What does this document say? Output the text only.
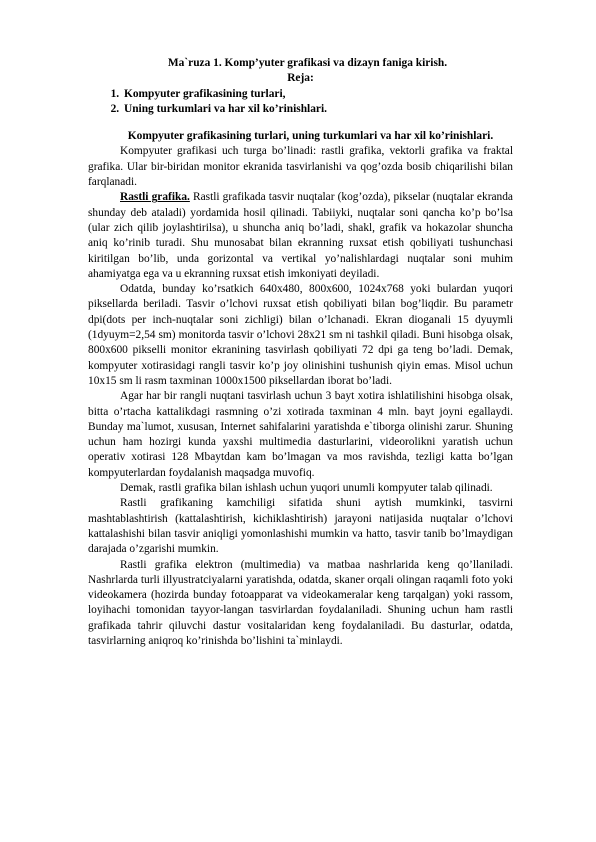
Ma`ruza 1. Komp’yuter grafikasi va dizayn faniga kirish.
Reja:
1. Kompyuter grafikasining turlari,
2. Uning turkumlari va har xil ko’rinishlari.
Kompyuter grafikasining turlari, uning turkumlari va har xil ko’rinishlari.

Kompyuter grafikasi uch turga bo’linadi: rastli grafika, vektorli grafika va fraktal grafika. Ular bir-biridan monitor ekranida tasvirlanishi va qog’ozda bosib chiqarilishi bilan farqlanadi.

Rastli grafika. Rastli grafikada tasvir nuqtalar (kog’ozda), pikselar (nuqtalar ekranda shunday deb ataladi) yordamida hosil qilinadi. Tabiiyki, nuqtalar soni qancha ko’p bo’lsa (ular zich qilib joylashtirilsa), u shuncha aniq bo’ladi, shakl, grafik va hokazolar shuncha aniq ko’rinib turadi. Shu munosabat bilan ekranning ruxsat etish qobiliyati tushunchasi kiritilgan bo’lib, unda gorizontal va vertikal yo’nalishlardagi nuqtalar soni muhim ahamiyatga ega va u ekranning ruxsat etish imkoniyati deyiladi.

Odatda, bunday ko’rsatkich 640x480, 800x600, 1024x768 yoki bulardan yuqori piksellarda beriladi. Tasvir o’lchovi ruxsat etish qobiliyati bilan bog’liqdir. Bu parametr dpi(dots per inch-nuqtalar soni zichligi) bilan o’lchanadi. Ekran dioganali 15 dyuymli (1dyuym=2,54 sm) monitorda tasvir o’lchovi 28x21 sm ni tashkil qiladi. Buni hisobga olsak, 800x600 pikselli monitor ekranining tasvirlash qobiliyati 72 dpi ga teng bo’ladi. Demak, kompyuter xotirasidagi rangli tasvir ko’p joy olinishini tushunish qiyin emas. Misol uchun 10x15 sm li rasm taxminan 1000x1500 piksellardan iborat bo’ladi.

Agar har bir rangli nuqtani tasvirlash uchun 3 bayt xotira ishlatilishini hisobga olsak, bitta o’rtacha kattalikdagi rasmning o’zi xotirada taxminan 4 mln. bayt joyni egallaydi. Bunday ma`lumot, xususan, Internet sahifalarini yaratishda e`tiborga olinishi zarur. Shuning uchun ham hozirgi kunda yaxshi multimedia dasturlarini, videorolikni yaratish uchun operativ xotirasi 128 Mbaytdan kam bo’lmagan va mos ravishda, tezligi katta bo’lgan kompyuterlardan foydalanish maqsadga muvofiq.

Demak, rastli grafika bilan ishlash uchun yuqori unumli kompyuter talab qilinadi.

Rastli grafikaning kamchiligi sifatida shuni aytish mumkinki, tasvirni mashtablashtirish (kattalashtirish, kichiklashtirish) jarayoni natijasida nuqtalar o’lchovi kattalashishi bilan tasvir aniqligi yomonlashishi mumkin va hatto, tasvir tanib bo’lmaydigan darajada o’zgarishi mumkin.

Rastli grafika elektron (multimedia) va matbaa nashrlarida keng qo’llaniladi. Nashrlarda turli illyustratciyalarni yaratishda, odatda, skaner orqali olingan raqamli foto yoki videokamera (hozirda bunday fotoapparat va videokameralar keng tarqalgan) yoki rassom, loyihachi tomonidan tayyor-langan tasvirlardan foydalaniladi. Shuning uchun ham rastli grafikada tahrir qiluvchi dastur vositalaridan keng foydalaniladi. Bu dasturlar, odatda, tasvirlarning aniqroq ko’rinishda bo’lishini ta`minlaydi.
